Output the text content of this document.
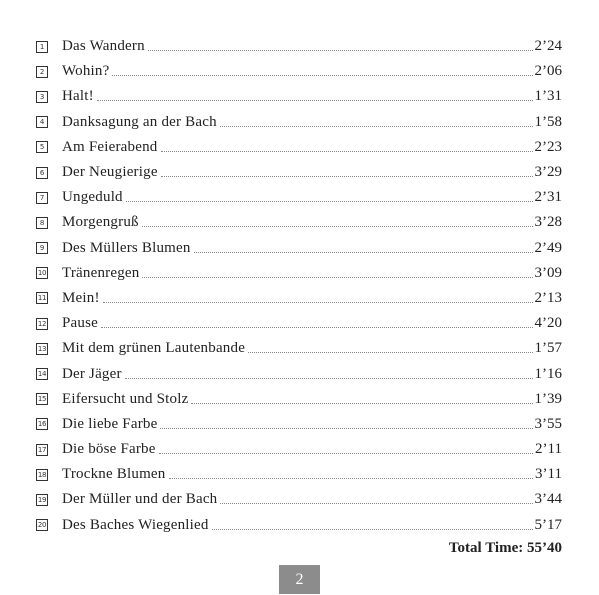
1 Das Wandern	2’24
2 Wohin?	2’06
3 Halt!	1’31
4 Danksagung an der Bach	1’58
5 Am Feierabend	2’23
6 Der Neugierige	3’29
7 Ungeduld	2’31
8 Morgengruß	3’28
9 Des Müllers Blumen	2’49
10 Tränenregen	3’09
11 Mein!	2’13
12 Pause	4’20
13 Mit dem grünen Lautenbande	1’57
14 Der Jäger	1’16
15 Eifersucht und Stolz	1’39
16 Die liebe Farbe	3’55
17 Die böse Farbe	2’11
18 Trockne Blumen	3’11
19 Der Müller und der Bach	3’44
20 Des Baches Wiegenlied	5’17
Total Time: 55’40
2
